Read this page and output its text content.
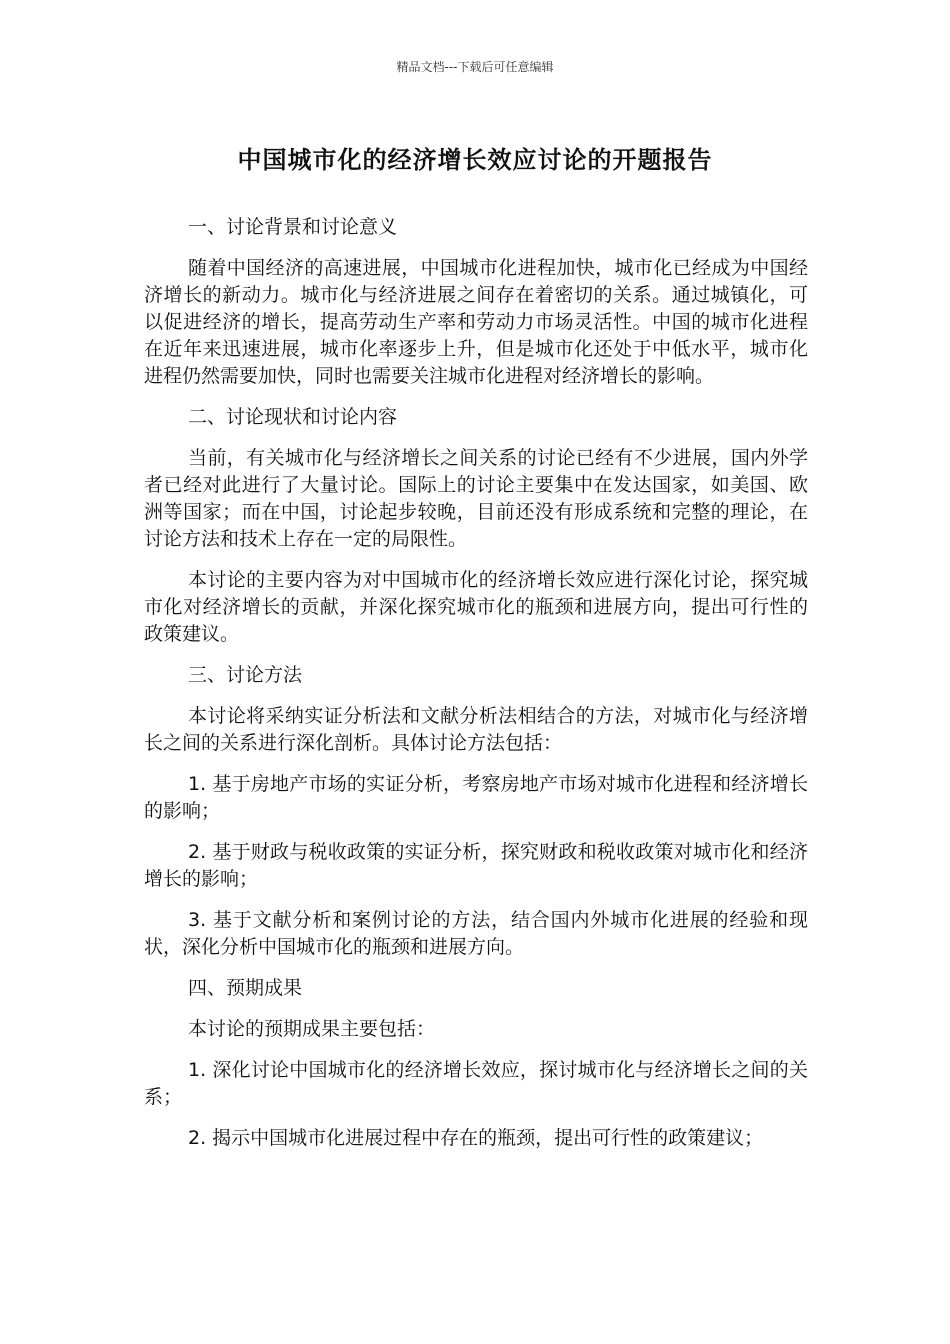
精品文档---下载后可任意编辑
中国城市化的经济增长效应讨论的开题报告

一、讨论背景和讨论意义

随着中国经济的高速进展，中国城市化进程加快，城市化已经成为中国经济增长的新动力。城市化与经济进展之间存在着密切的关系。通过城镇化，可以促进经济的增长，提高劳动生产率和劳动力市场灵活性。中国的城市化进程在近年来迅速进展，城市化率逐步上升，但是城市化还处于中低水平，城市化进程仍然需要加快，同时也需要关注城市化进程对经济增长的影响。

二、讨论现状和讨论内容

当前，有关城市化与经济增长之间关系的讨论已经有不少进展，国内外学者已经对此进行了大量讨论。国际上的讨论主要集中在发达国家，如美国、欧洲等国家；而在中国，讨论起步较晚，目前还没有形成系统和完整的理论，在讨论方法和技术上存在一定的局限性。

本讨论的主要内容为对中国城市化的经济增长效应进行深化讨论，探究城市化对经济增长的贡献，并深化探究城市化的瓶颈和进展方向，提出可行性的政策建议。

三、讨论方法

本讨论将采纳实证分析法和文献分析法相结合的方法，对城市化与经济增长之间的关系进行深化剖析。具体讨论方法包括：

1. 基于房地产市场的实证分析，考察房地产市场对城市化进程和经济增长的影响；

2. 基于财政与税收政策的实证分析，探究财政和税收政策对城市化和经济增长的影响；

3. 基于文献分析和案例讨论的方法，结合国内外城市化进展的经验和现状，深化分析中国城市化的瓶颈和进展方向。

四、预期成果

本讨论的预期成果主要包括：

1. 深化讨论中国城市化的经济增长效应，探讨城市化与经济增长之间的关系；

2. 揭示中国城市化进展过程中存在的瓶颈，提出可行性的政策建议；
